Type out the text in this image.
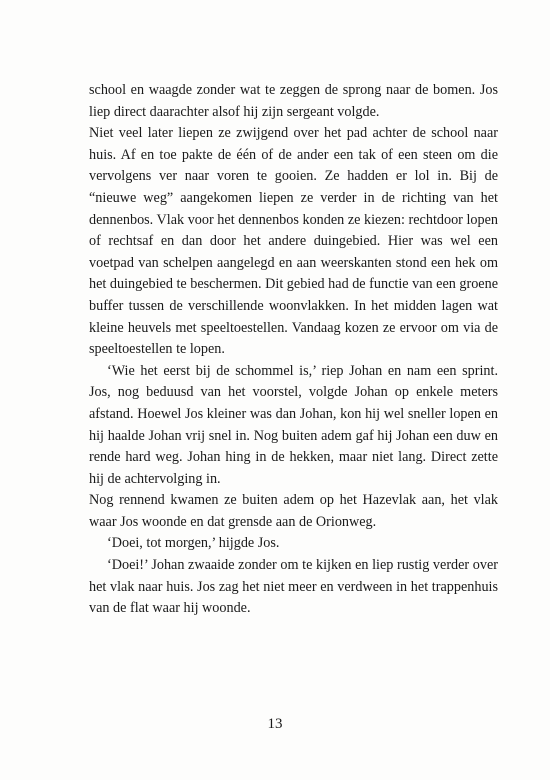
school en waagde zonder wat te zeggen de sprong naar de bomen. Jos liep direct daarachter alsof hij zijn sergeant volgde.

Niet veel later liepen ze zwijgend over het pad achter de school naar huis. Af en toe pakte de één of de ander een tak of een steen om die vervolgens ver naar voren te gooien. Ze hadden er lol in. Bij de “nieuwe weg” aangekomen liepen ze verder in de richting van het dennenbos. Vlak voor het dennenbos konden ze kiezen: rechtdoor lopen of rechtsaf en dan door het andere duingebied. Hier was wel een voetpad van schelpen aangelegd en aan weerskanten stond een hek om het duingebied te beschermen. Dit gebied had de functie van een groene buffer tussen de verschillende woonvlakken. In het midden lagen wat kleine heuvels met speeltoestellen. Vandaag kozen ze ervoor om via de speeltoestellen te lopen.

‘Wie het eerst bij de schommel is,’ riep Johan en nam een sprint. Jos, nog beduusd van het voorstel, volgde Johan op enkele meters afstand. Hoewel Jos kleiner was dan Johan, kon hij wel sneller lopen en hij haalde Johan vrij snel in. Nog buiten adem gaf hij Johan een duw en rende hard weg. Johan hing in de hekken, maar niet lang. Direct zette hij de achtervolging in.

Nog rennend kwamen ze buiten adem op het Hazevlak aan, het vlak waar Jos woonde en dat grensde aan de Orionweg.

‘Doei, tot morgen,’ hijgde Jos.

‘Doei!’ Johan zwaaide zonder om te kijken en liep rustig verder over het vlak naar huis. Jos zag het niet meer en verdween in het trappenhuis van de flat waar hij woonde.

13
